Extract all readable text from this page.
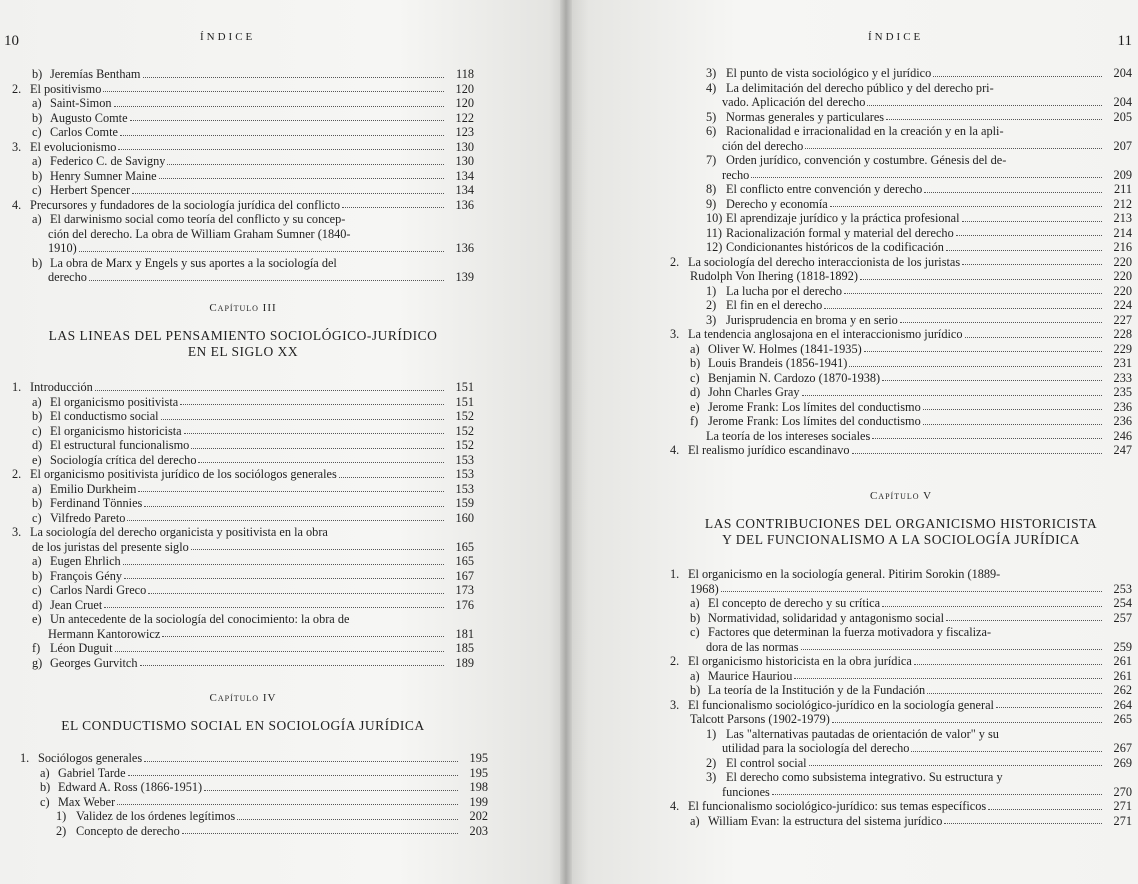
10	ÍNDICE
b) Jeremías Bentham	118
2. El positivismo	120
a) Saint-Simon	120
b) Augusto Comte	122
c) Carlos Comte	123
3. El evolucionismo	130
a) Federico C. de Savigny	130
b) Henry Sumner Maine	134
c) Herbert Spencer	134
4. Precursores y fundadores de la sociología jurídica del conflicto	136
a) El darwinismo social como teoría del conflicto y su concep-
ción del derecho. La obra de William Graham Sumner (1840-
1910)	136
b) La obra de Marx y Engels y sus aportes a la sociología del
derecho	139
Capítulo III
LAS LINEAS DEL PENSAMIENTO SOCIOLÓGICO-JURÍDICO
EN EL SIGLO XX
1. Introducción	151
a) El organicismo positivista	151
b) El conductismo social	152
c) El organicismo historicista	152
d) El estructural funcionalismo	152
e) Sociología crítica del derecho	153
2. El organicismo positivista jurídico de los sociólogos generales	153
a) Emilio Durkheim	153
b) Ferdinand Tönnies	159
c) Vilfredo Pareto	160
3. La sociología del derecho organicista y positivista en la obra
de los juristas del presente siglo	165
a) Eugen Ehrlich	165
b) François Gény	167
c) Carlos Nardi Greco	173
d) Jean Cruet	176
e) Un antecedente de la sociología del conocimiento: la obra de
Hermann Kantorowicz	181
f) Léon Duguit	185
g) Georges Gurvitch	189
Capítulo IV
EL CONDUCTISMO SOCIAL EN SOCIOLOGÍA JURÍDICA
1. Sociólogos generales	195
a) Gabriel Tarde	195
b) Edward A. Ross (1866-1951)	198
c) Max Weber	199
1) Validez de los órdenes legítimos	202
2) Concepto de derecho	203
11
ÍNDICE
3) El punto de vista sociológico y el jurídico	204
4) La delimitación del derecho público y del derecho pri-
vado. Aplicación del derecho	204
5) Normas generales y particulares	205
6) Racionalidad e irracionalidad en la creación y en la apli-
ción del derecho	207
7) Orden jurídico, convención y costumbre. Génesis del de-
recho	209
8) El conflicto entre convención y derecho	211
9) Derecho y economía	212
10) El aprendizaje jurídico y la práctica profesional	213
11) Racionalización formal y material del derecho	214
12) Condicionantes históricos de la codificación	216
2. La sociología del derecho interaccionista de los juristas	220
Rudolph Von Ihering (1818-1892)	220
1) La lucha por el derecho	220
2) El fin en el derecho	224
3) Jurisprudencia en broma y en serio	227
3. La tendencia anglosajona en el interaccionismo jurídico	228
a) Oliver W. Holmes (1841-1935)	229
b) Louis Brandeis (1856-1941)	231
c) Benjamin N. Cardozo (1870-1938)	233
d) John Charles Gray	235
e) Jerome Frank: Los límites del conductismo	236
f) Jerome Frank: Los límites del conductismo	236
La teoría de los intereses sociales	246
4. El realismo jurídico escandinavo	247
Capítulo V
LAS CONTRIBUCIONES DEL ORGANICISMO HISTORICISTA
Y DEL FUNCIONALISMO A LA SOCIOLOGÍA JURÍDICA
1. El organicismo en la sociología general. Pitirim Sorokin (1889-
1968)	253
a) El concepto de derecho y su crítica	254
b) Normatividad, solidaridad y antagonismo social	257
c) Factores que determinan la fuerza motivadora y fiscaliza-
dora de las normas	259
2. El organicismo historicista en la obra jurídica	261
a) Maurice Hauriou	261
b) La teoría de la Institución y de la Fundación	262
3. El funcionalismo sociológico-jurídico en la sociología general	264
Talcott Parsons (1902-1979)	265
1) Las "alternativas pautadas de orientación de valor" y su
utilidad para la sociología del derecho	267
2) El control social	269
3) El derecho como subsistema integrativo. Su estructura y
funciones	270
4. El funcionalismo sociológico-jurídico: sus temas específicos	271
a) William Evan: la estructura del sistema jurídico	271
